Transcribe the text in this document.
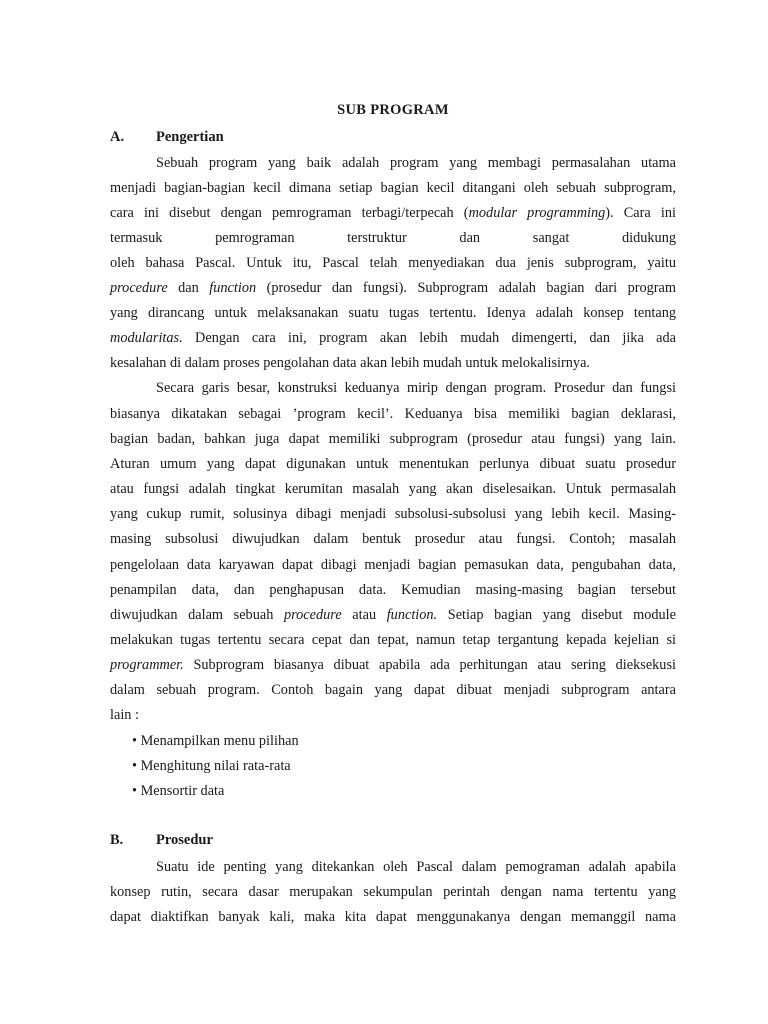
SUB PROGRAM
A. Pengertian
Sebuah program yang baik adalah program yang membagi permasalahan utama
menjadi bagian-bagian kecil dimana setiap bagian kecil ditangani oleh sebuah subprogram,
cara ini disebut dengan pemrograman terbagi/terpecah (modular programming). Cara ini
termasuk pemrograman terstruktur dan sangat didukung
oleh bahasa Pascal. Untuk itu, Pascal telah menyediakan dua jenis subprogram, yaitu
procedure dan function (prosedur dan fungsi). Subprogram adalah bagian dari program
yang dirancang untuk melaksanakan suatu tugas tertentu. Idenya adalah konsep tentang
modularitas. Dengan cara ini, program akan lebih mudah dimengerti, dan jika ada
kesalahan di dalam proses pengolahan data akan lebih mudah untuk melokalisirnya.
Secara garis besar, konstruksi keduanya mirip dengan program. Prosedur dan fungsi
biasanya dikatakan sebagai ’program kecil’. Keduanya bisa memiliki bagian deklarasi,
bagian badan, bahkan juga dapat memiliki subprogram (prosedur atau fungsi) yang lain.
Aturan umum yang dapat digunakan untuk menentukan perlunya dibuat suatu prosedur
atau fungsi adalah tingkat kerumitan masalah yang akan diselesaikan. Untuk permasalah
yang cukup rumit, solusinya dibagi menjadi subsolusi-subsolusi yang lebih kecil. Masing-
masing subsolusi diwujudkan dalam bentuk prosedur atau fungsi. Contoh; masalah
pengelolaan data karyawan dapat dibagi menjadi bagian pemasukan data, pengubahan data,
penampilan data, dan penghapusan data. Kemudian masing-masing bagian tersebut
diwujudkan dalam sebuah procedure atau function. Setiap bagian yang disebut module
melakukan tugas tertentu secara cepat dan tepat, namun tetap tergantung kepada kejelian si
programmer. Subprogram biasanya dibuat apabila ada perhitungan atau sering dieksekusi
dalam sebuah program. Contoh bagain yang dapat dibuat menjadi subprogram antara
lain :
• Menampilkan menu pilihan
• Menghitung nilai rata-rata
• Mensortir data
B. Prosedur
Suatu ide penting yang ditekankan oleh Pascal dalam pemograman adalah apabila
konsep rutin, secara dasar merupakan sekumpulan perintah dengan nama tertentu yang
dapat diaktifkan banyak kali, maka kita dapat menggunakanya dengan memanggil nama
